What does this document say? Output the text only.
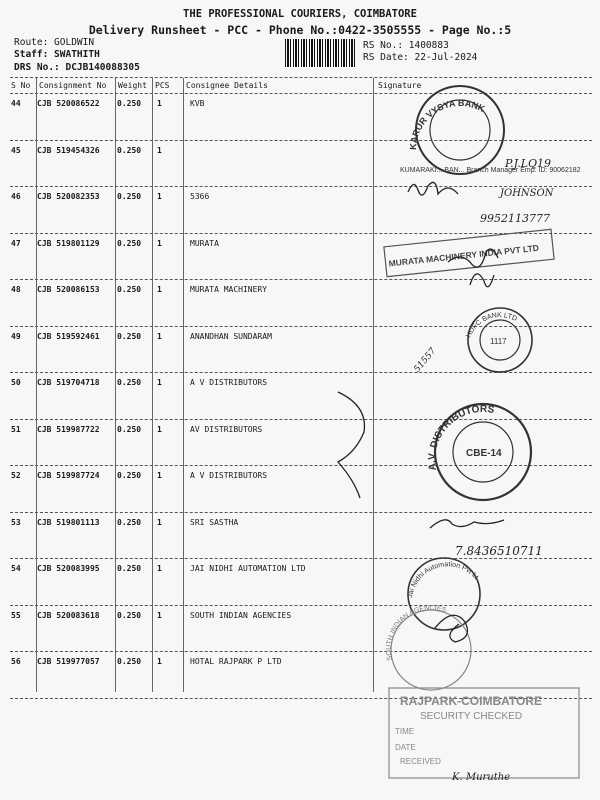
THE PROFESSIONAL COURIERS, COIMBATORE
Delivery Runsheet - PCC - Phone No.:0422-3505555 - Page No.:5
Route: GOLDWIN
Staff: SWATHITH
DRS No.: DCJB140088305
RS No.: 1400883
RS Date: 22-Jul-2024
S No Consignment No Weight PCS Consignee Details	Signature
44 CJB 520086522 0.250 1	KVB
45 CJB 519454326 0.250 1
46 CJB 520082353 0.250 1	5366
47 CJB 519801129 0.250 1	MURATA
48 CJB 520086153 0.250 1	MURATA MACHINERY
49 CJB 519592461 0.250 1	ANANDHAN SUNDARAM
50 CJB 519704718 0.250 1	A V DISTRIBUTORS
51 CJB 519987722 0.250 1	AV DISTRIBUTORS
52 CJB 519987724 0.250 1	A V DISTRIBUTORS
53 CJB 519801113 0.250 1	SRI SASTHA
54 CJB 520083995 0.250 1	JAI NIDHI AUTOMATION LTD
55 CJB 520083618 0.250 1	SOUTH INDIAN AGENCIES
56 CJB 519977057 0.250 1	HOTAL RAJPARK P LTD
KARUR VYSYA BANK
KUMARAKI... BAN... Branch Manager Emp. ID: 90062182
HDFC BANK LTD
1117
A.V. DISTRIBUTORS
CBE-14
Jai Nidhi Automation Pvt Lt
SOUTH INDIAN AGENCIES
MURATA MACHINERY INDIA PVT LTD
RAJPARK-COIMBATORE
SECURITY CHECKED
TIME
DATE
RECEIVED
P.J.LQ19
JOHNSON
9952113777
51557
7.8436510711
K. Muruthe
